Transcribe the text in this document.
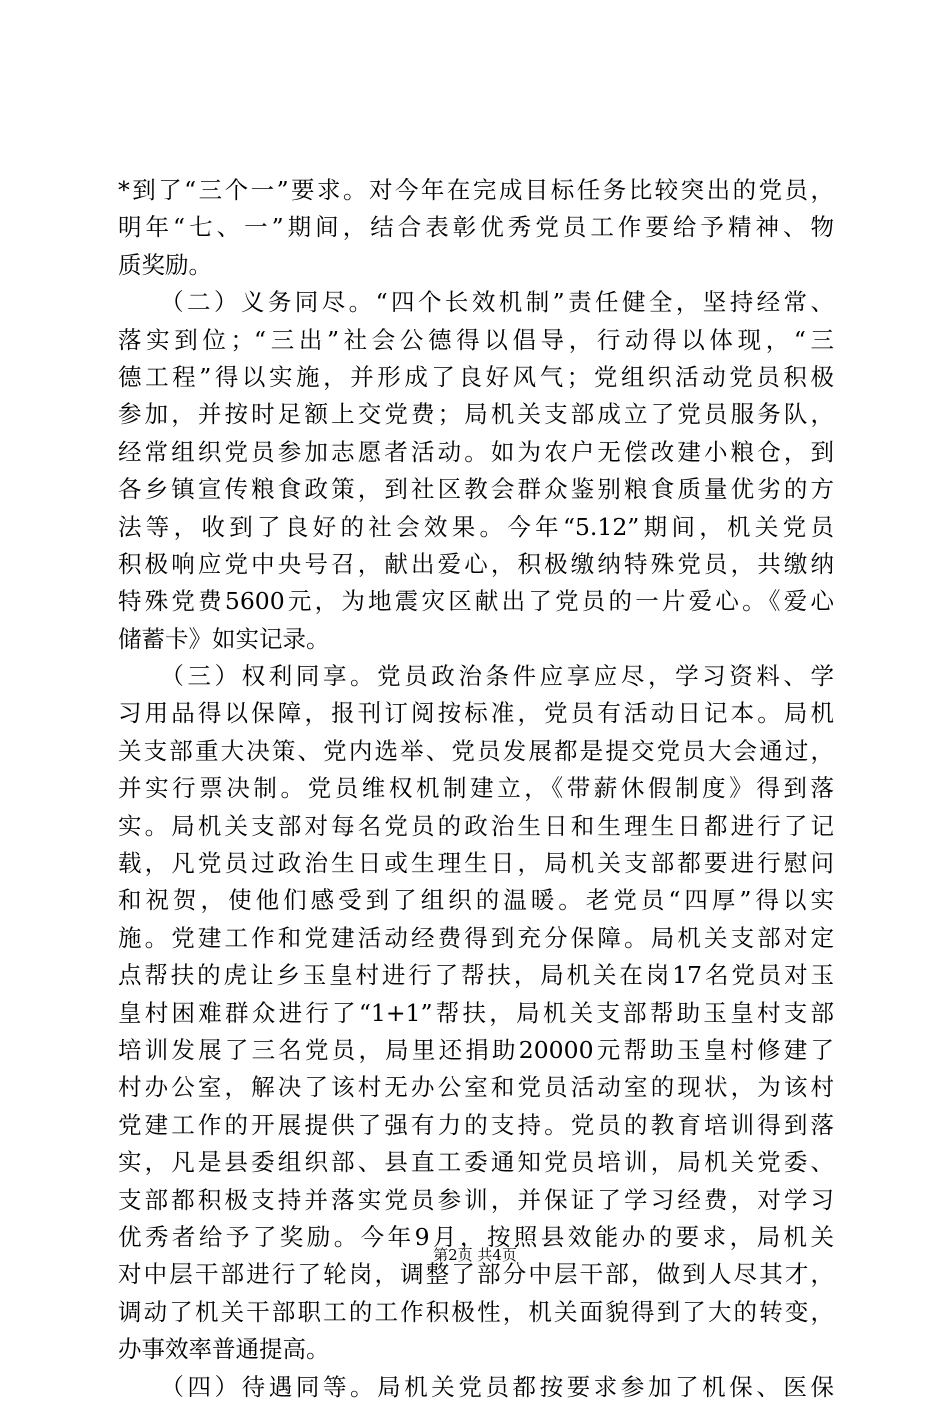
*到了“三个一”要求。对今年在完成目标任务比较突出的党员，
明年“七、一”期间，结合表彰优秀党员工作要给予精神、物
质奖励。
　　（二）义务同尽。“四个长效机制”责任健全，坚持经常、
落实到位；“三出”社会公德得以倡导，行动得以体现，“三
德工程”得以实施，并形成了良好风气；党组织活动党员积极
参加，并按时足额上交党费；局机关支部成立了党员服务队，
经常组织党员参加志愿者活动。如为农户无偿改建小粮仓，到
各乡镇宣传粮食政策，到社区教会群众鉴别粮食质量优劣的方
法等，收到了良好的社会效果。今年“5.12”期间，机关党员
积极响应党中央号召，献出爱心，积极缴纳特殊党员，共缴纳
特殊党费5600元，为地震灾区献出了党员的一片爱心。《爱心
储蓄卡》如实记录。
　　（三）权利同享。党员政治条件应享应尽，学习资料、学
习用品得以保障，报刊订阅按标准，党员有活动日记本。局机
关支部重大决策、党内选举、党员发展都是提交党员大会通过，
并实行票决制。党员维权机制建立，《带薪休假制度》得到落
实。局机关支部对每名党员的政治生日和生理生日都进行了记
载，凡党员过政治生日或生理生日，局机关支部都要进行慰问
和祝贺，使他们感受到了组织的温暖。老党员“四厚”得以实
施。党建工作和党建活动经费得到充分保障。局机关支部对定
点帮扶的虎让乡玉皇村进行了帮扶，局机关在岗17名党员对玉
皇村困难群众进行了“1+1”帮扶，局机关支部帮助玉皇村支部
培训发展了三名党员，局里还捐助20000元帮助玉皇村修建了
村办公室，解决了该村无办公室和党员活动室的现状，为该村
党建工作的开展提供了强有力的支持。党员的教育培训得到落
实，凡是县委组织部、县直工委通知党员培训，局机关党委、
支部都积极支持并落实党员参训，并保证了学习经费，对学习
优秀者给予了奖励。今年9月，按照县效能办的要求，局机关
对中层干部进行了轮岗，调整了部分中层干部，做到人尽其才，
调动了机关干部职工的工作积极性，机关面貌得到了大的转变，
办事效率普通提高。
　　（四）待遇同等。局机关党员都按要求参加了机保、医保
第2页 共4页
